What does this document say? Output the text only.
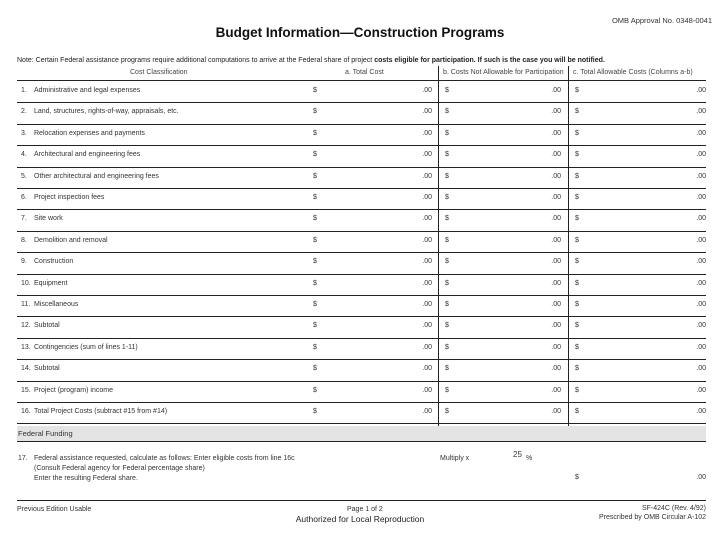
OMB Approval No. 0348-0041
Budget Information—Construction Programs
Note: Certain Federal assistance programs require additional computations to arrive at the Federal share of project costs eligible for participation. If such is the case you will be notified.
Cost Classification	a. Total Cost	b. Costs Not Allowable for Participation c. Total Allowable Costs (Columns a-b)
1. Administrative and legal expenses	$	.00 $	.00 $	.00
2. Land, structures, rights-of-way, appraisals, etc.	$	.00 $	.00 $	.00
3. Relocation expenses and payments	$	.00 $	.00 $	.00
4. Architectural and engineering fees	$	.00 $	.00 $	.00
5. Other architectural and engineering fees	$	.00 $	.00 $	.00
6. Project inspection fees	$	.00 $	.00 $	.00
7. Site work	$	.00 $	.00 $	.00
8. Demolition and removal	$	.00 $	.00 $	.00
9. Construction	$	.00 $	.00 $	.00
10. Equipment	$	.00 $	.00 $	.00
11. Miscellaneous	$	.00 $	.00 $	.00
12. Subtotal	$	.00 $	.00 $	.00
13. Contingencies (sum of lines 1-11)	$	.00 $	.00 $	.00
14. Subtotal	$	.00 $	.00 $	.00
15. Project (program) income	$	.00 $	.00 $	.00
16. Total Project Costs (subtract #15 from #14)	$	.00 $	.00 $	.00
Federal Funding
17. Federal assistance requested, calculate as follows: Enter eligible costs from line 16c
(Consult Federal agency for Federal percentage share)
Enter the resulting Federal share.
Multiply x	25 %
$	.00
Previous Edition Usable	Page 1 of 2
Authorized for Local Reproduction
SF-424C (Rev. 4/92)
Prescribed by OMB Circular A-102
